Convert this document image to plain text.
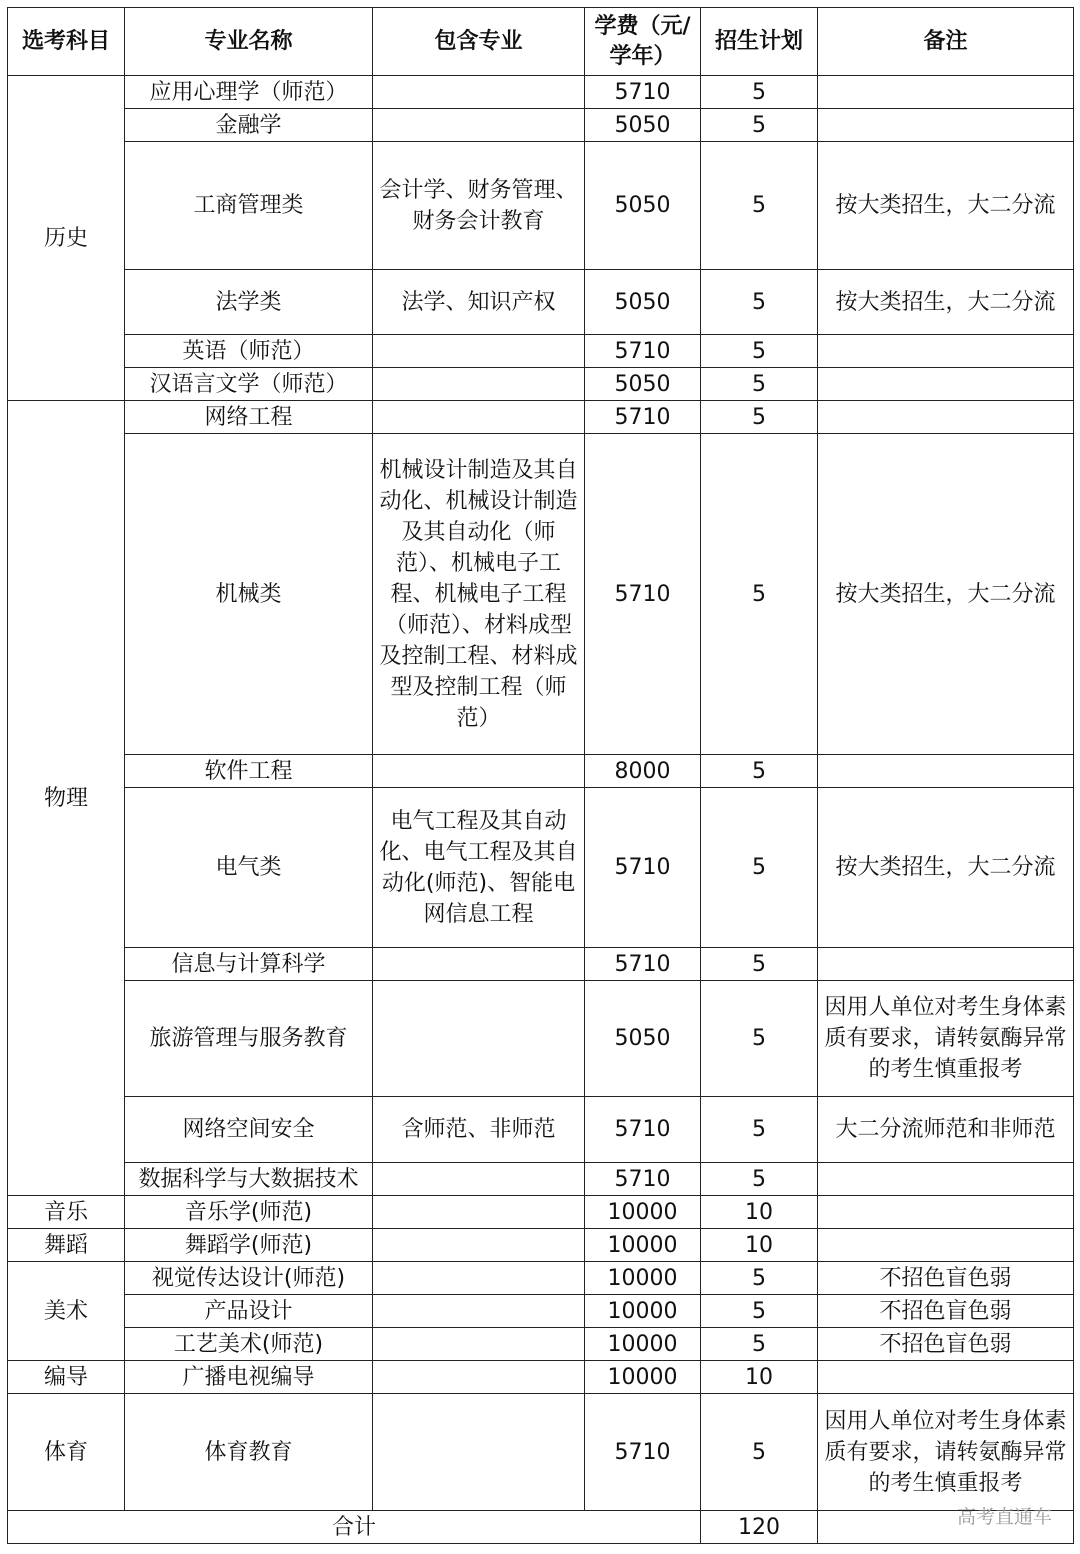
选考科目	专业名称	包含专业	学费（元/学年）	招生计划	备注
历史	应用心理学（师范）		5710	5	
	金融学		5050	5	
	工商管理类	会计学、财务管理、财务会计教育	5050	5	按大类招生，大二分流
	法学类	法学、知识产权	5050	5	按大类招生，大二分流
	英语（师范）		5710	5	
	汉语言文学（师范）		5050	5	
物理	网络工程		5710	5	
	机械类	机械设计制造及其自动化、机械设计制造及其自动化（师范）、机械电子工程、机械电子工程（师范）、材料成型及控制工程、材料成型及控制工程（师范）	5710	5	按大类招生，大二分流
	软件工程		8000	5	
	电气类	电气工程及其自动化、电气工程及其自动化(师范)、智能电网信息工程	5710	5	按大类招生，大二分流
	信息与计算科学		5710	5	
	旅游管理与服务教育		5050	5	因用人单位对考生身体素质有要求，请转氨酶异常的考生慎重报考
	网络空间安全	含师范、非师范	5710	5	大二分流师范和非师范
	数据科学与大数据技术		5710	5	
音乐	音乐学(师范)		10000	10	
舞蹈	舞蹈学(师范)		10000	10	
美术	视觉传达设计(师范)		10000	5	不招色盲色弱
	产品设计		10000	5	不招色盲色弱
	工艺美术(师范)		10000	5	不招色盲色弱
编导	广播电视编导		10000	10	
体育	体育教育		5710	5	因用人单位对考生身体素质有要求，请转氨酶异常的考生慎重报考
合计				120		高考直通车
